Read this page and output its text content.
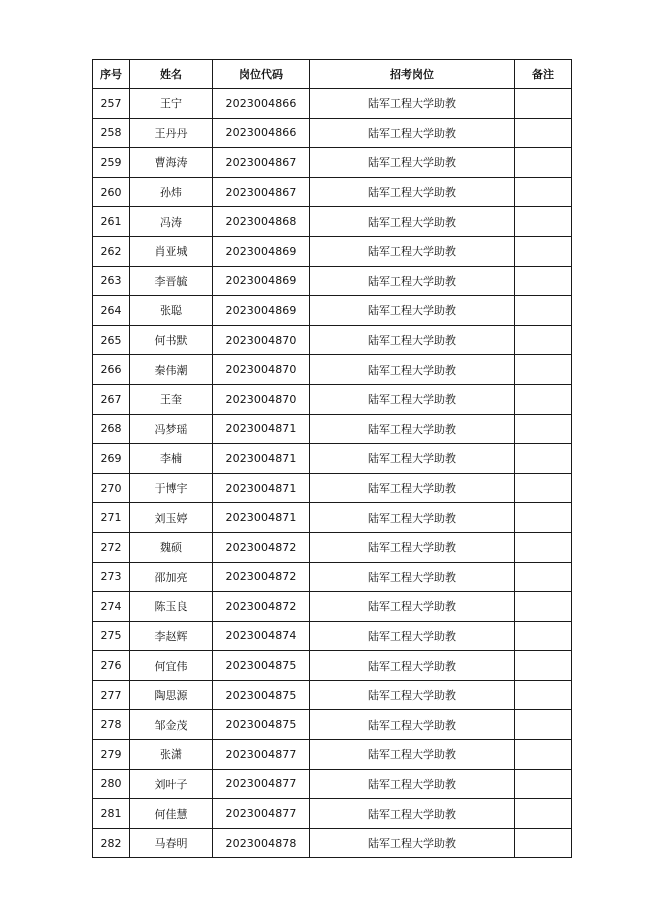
序号	姓名	岗位代码	招考岗位	备注
257	王宁	2023004866	陆军工程大学助教	
258	王丹丹	2023004866	陆军工程大学助教	
259	曹海涛	2023004867	陆军工程大学助教	
260	孙炜	2023004867	陆军工程大学助教	
261	冯涛	2023004868	陆军工程大学助教	
262	肖亚城	2023004869	陆军工程大学助教	
263	李晋毓	2023004869	陆军工程大学助教	
264	张聪	2023004869	陆军工程大学助教	
265	何书默	2023004870	陆军工程大学助教	
266	秦伟潮	2023004870	陆军工程大学助教	
267	王奎	2023004870	陆军工程大学助教	
268	冯梦瑶	2023004871	陆军工程大学助教	
269	李楠	2023004871	陆军工程大学助教	
270	于博宇	2023004871	陆军工程大学助教	
271	刘玉婷	2023004871	陆军工程大学助教	
272	魏硕	2023004872	陆军工程大学助教	
273	邵加亮	2023004872	陆军工程大学助教	
274	陈玉良	2023004872	陆军工程大学助教	
275	李赵辉	2023004874	陆军工程大学助教	
276	何宜伟	2023004875	陆军工程大学助教	
277	陶思源	2023004875	陆军工程大学助教	
278	邹金茂	2023004875	陆军工程大学助教	
279	张潇	2023004877	陆军工程大学助教	
280	刘叶子	2023004877	陆军工程大学助教	
281	何佳慧	2023004877	陆军工程大学助教	
282	马春明	2023004878	陆军工程大学助教	
